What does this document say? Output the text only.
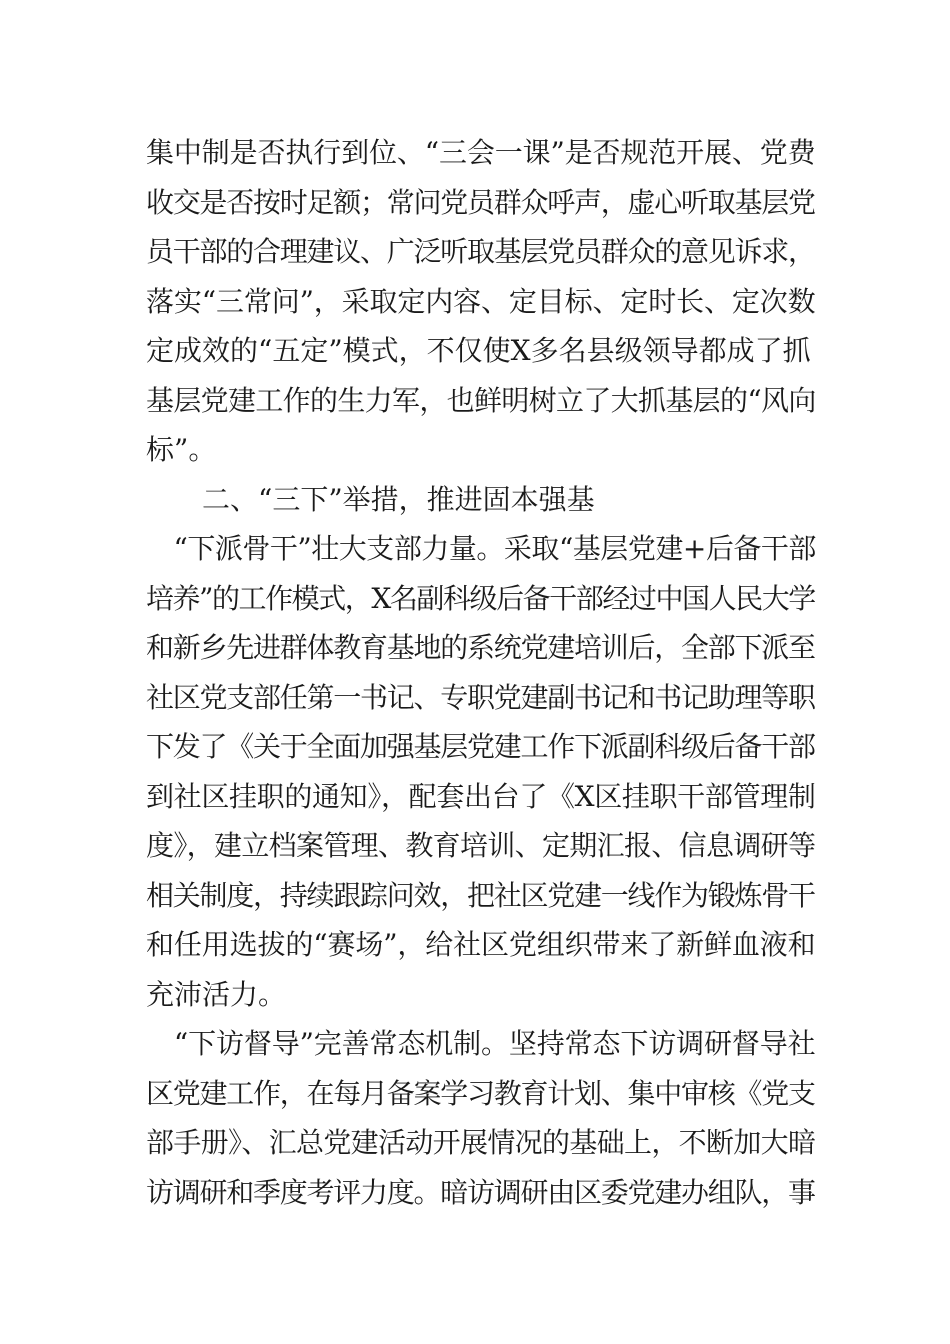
集中制是否执行到位、“三会一课”是否规范开展、党费
收交是否按时足额；常问党员群众呼声，虚心听取基层党
员干部的合理建议、广泛听取基层党员群众的意见诉求，
落实“三常问”，采取定内容、定目标、定时长、定次数
定成效的“五定”模式，不仅使X多名县级领导都成了抓
基层党建工作的生力军，也鲜明树立了大抓基层的“风向
标”。
　　二、“三下”举措，推进固本强基
　“下派骨干”壮大支部力量。采取“基层党建+后备干部
培养”的工作模式，X名副科级后备干部经过中国人民大学
和新乡先进群体教育基地的系统党建培训后，全部下派至
社区党支部任第一书记、专职党建副书记和书记助理等职
下发了《关于全面加强基层党建工作下派副科级后备干部
到社区挂职的通知》，配套出台了《X区挂职干部管理制
度》，建立档案管理、教育培训、定期汇报、信息调研等
相关制度，持续跟踪问效，把社区党建一线作为锻炼骨干
和任用选拔的“赛场”，给社区党组织带来了新鲜血液和
充沛活力。
　“下访督导”完善常态机制。坚持常态下访调研督导社
区党建工作，在每月备案学习教育计划、集中审核《党支
部手册》、汇总党建活动开展情况的基础上，不断加大暗
访调研和季度考评力度。暗访调研由区委党建办组队，事
